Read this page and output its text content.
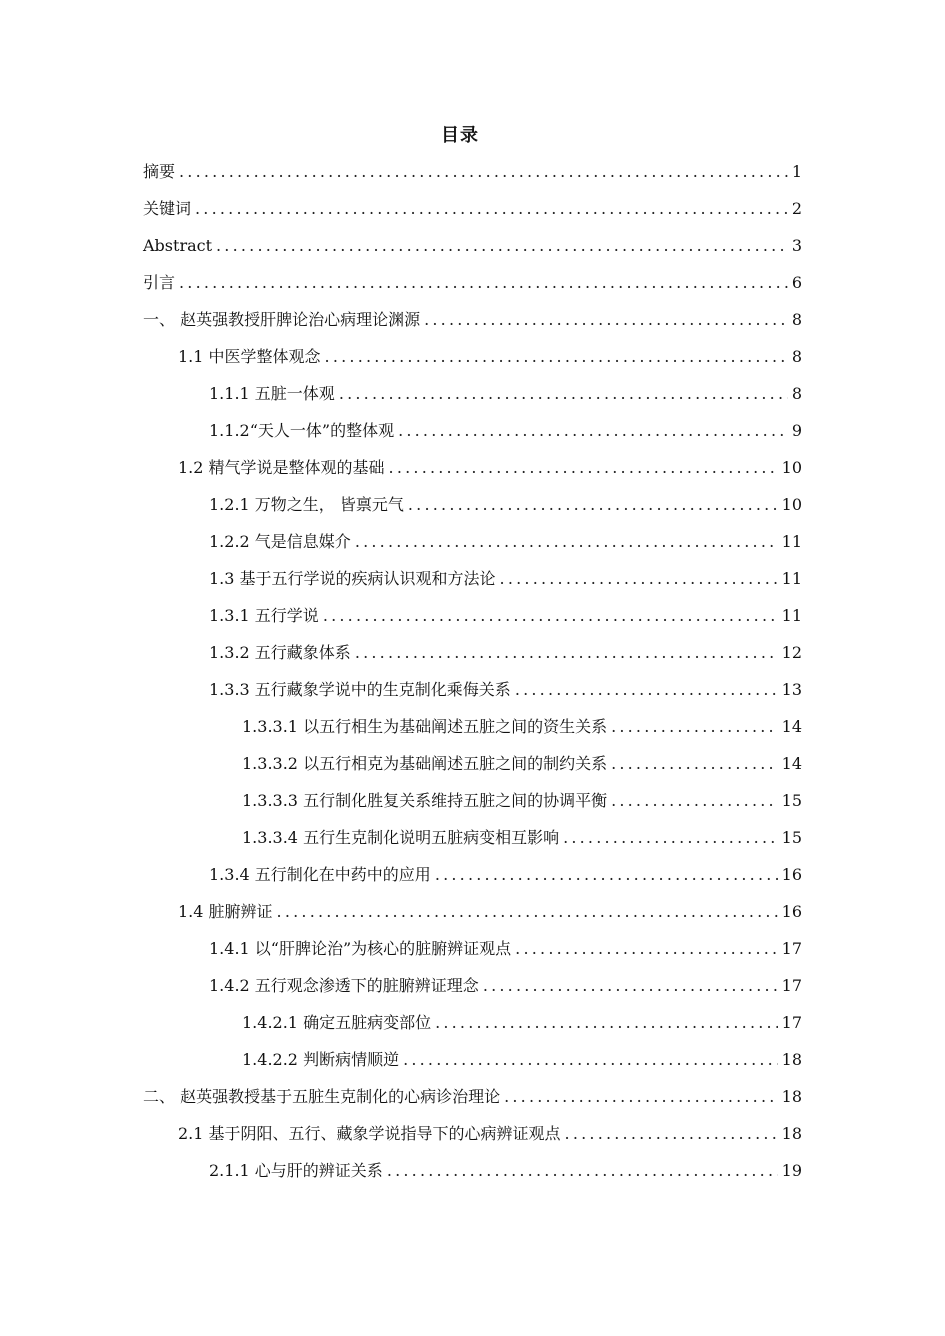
目录
摘要 .....	1
关键词 .....	2
Abstract .....	3
引言 .....	6
一、 赵英强教授肝脾论治心病理论渊源 .....	8
1.1 中医学整体观念 .....	8
1.1.1 五脏一体观 .....	8
1.1.2“天人一体”的整体观 .....	9
1.2 精气学说是整体观的基础 .....	10
1.2.1 万物之生， 皆禀元气 .....	10
1.2.2 气是信息媒介 .....	11
1.3 基于五行学说的疾病认识观和方法论 .....	11
1.3.1 五行学说 .....	11
1.3.2 五行藏象体系 .....	12
1.3.3 五行藏象学说中的生克制化乘侮关系 .....	13
1.3.3.1 以五行相生为基础阐述五脏之间的资生关系 .....	14
1.3.3.2 以五行相克为基础阐述五脏之间的制约关系 .....	14
1.3.3.3 五行制化胜复关系维持五脏之间的协调平衡 .....	15
1.3.3.4 五行生克制化说明五脏病变相互影响 .....	15
1.3.4 五行制化在中药中的应用 .....	16
1.4 脏腑辨证 .....	16
1.4.1 以“肝脾论治”为核心的脏腑辨证观点 .....	17
1.4.2 五行观念渗透下的脏腑辨证理念 .....	17
1.4.2.1 确定五脏病变部位 .....	17
1.4.2.2 判断病情顺逆 .....	18
二、 赵英强教授基于五脏生克制化的心病诊治理论 .....	18
2.1 基于阴阳、五行、藏象学说指导下的心病辨证观点 .....	18
2.1.1 心与肝的辨证关系 .....	19
